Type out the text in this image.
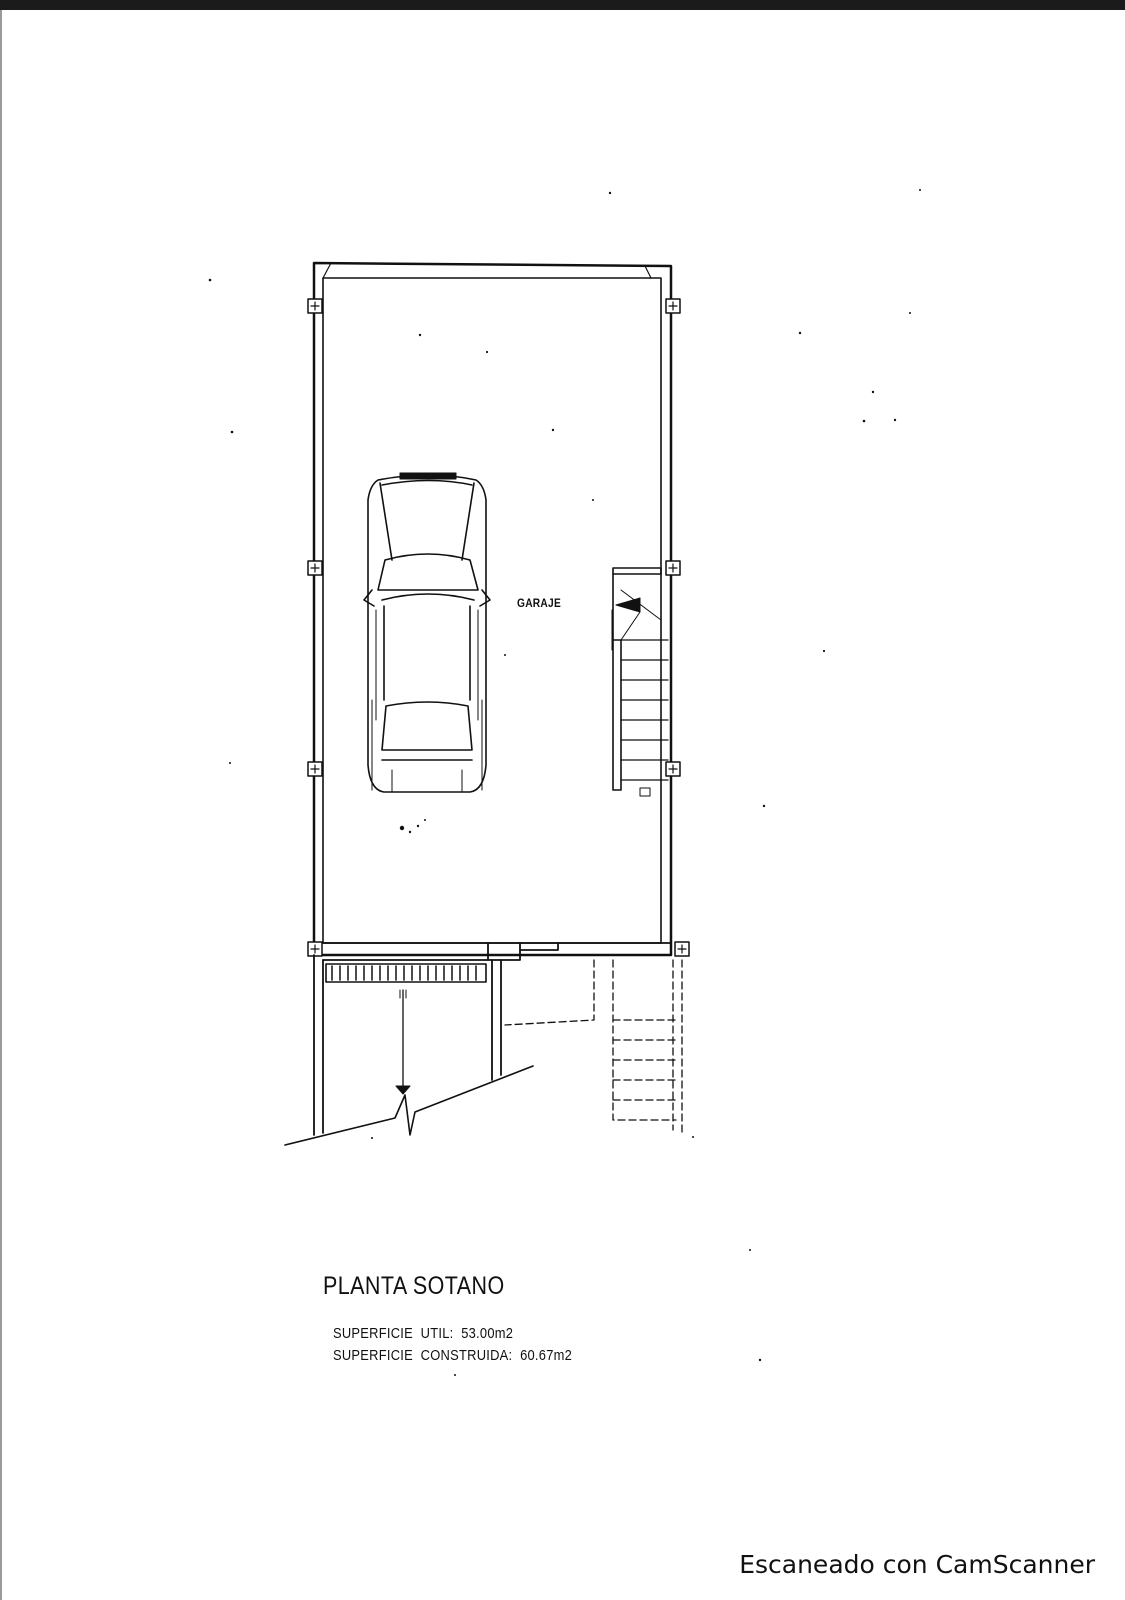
GARAJE
PLANTA SOTANO
SUPERFICIE  UTIL:  53.00m2
SUPERFICIE  CONSTRUIDA:  60.67m2
Escaneado con CamScanner
